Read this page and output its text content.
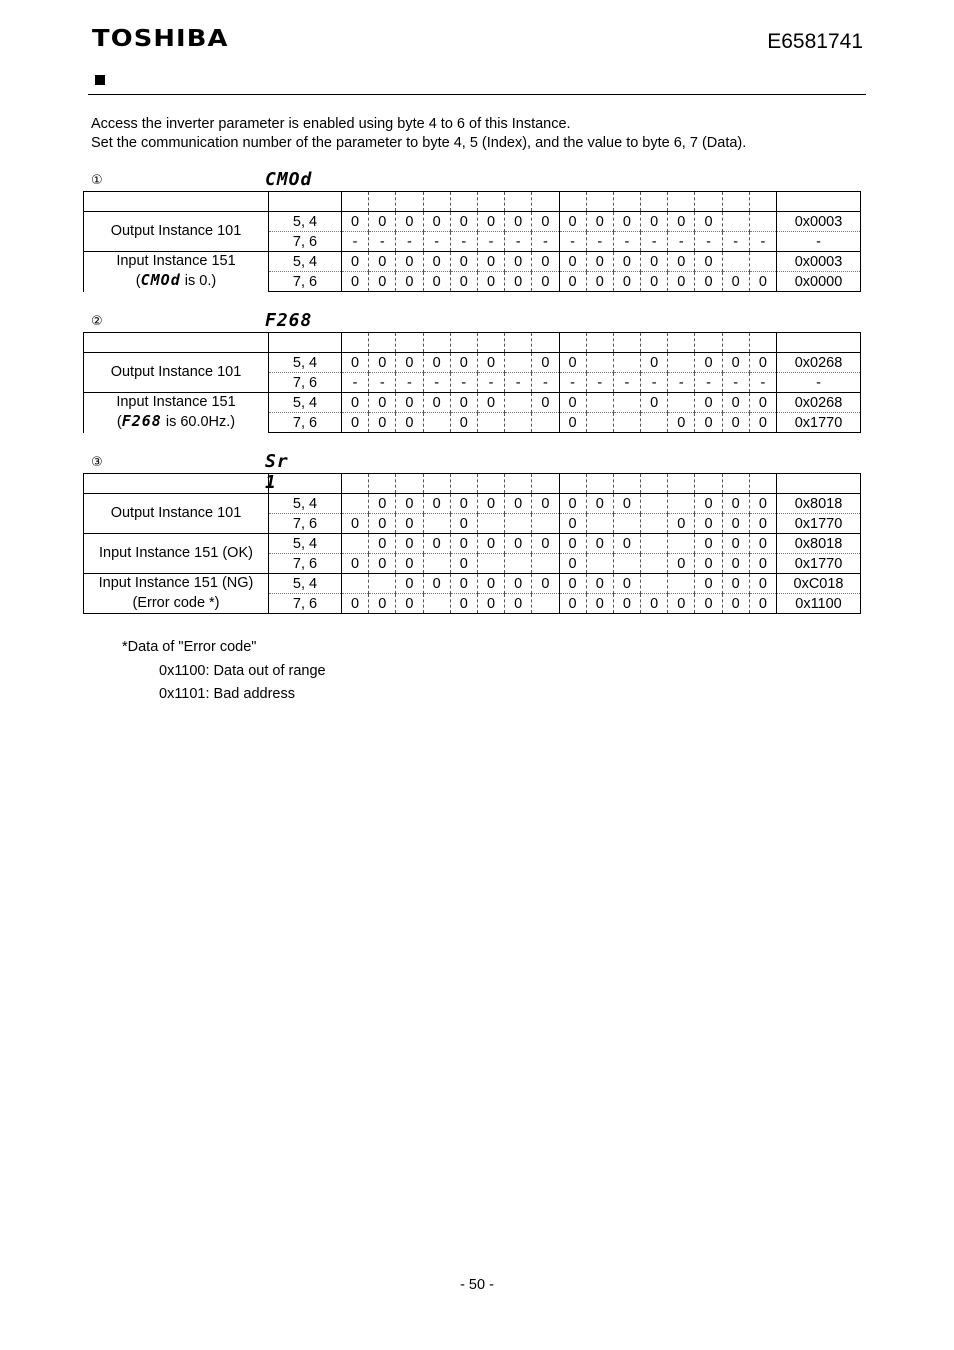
TOSHIBA	E6581741
Access the inverter parameter is enabled using byte 4 to 6 of this Instance.
Set the communication number of the parameter to byte 4, 5 (Index), and the value to byte 6, 7 (Data).
①	CMOd

Output Instance 101	5, 4	0	0	0	0	0	0	0	0	0	0	0	0	0	0			0x0003
	7, 6	-	-	-	-	-	-	-	-	-	-	-	-	-	-	-	-	-

Input Instance 151
(CMOd is 0.)	5, 4	0	0	0	0	0	0	0	0	0	0	0	0	0	0			0x0003
	7, 6	0	0	0	0	0	0	0	0	0	0	0	0	0	0	0	0	0x0000
②	F268

Output Instance 101	5, 4	0	0	0	0	0	0		0	0			0		0	0	0	0x0268
	7, 6	-	-	-	-	-	-	-	-	-	-	-	-	-	-	-	-	-

Input Instance 151
(F268 is 60.0Hz.)	5, 4	0	0	0	0	0	0		0	0			0		0	0	0	0x0268
	7, 6	0	0	0		0				0				0	0	0	0	0x1770
③	Sr 1

Output Instance 101	5, 4		0	0	0	0	0	0	0	0	0	0			0	0	0	0x8018
	7, 6	0	0	0		0				0				0	0	0	0	0x1770
Input Instance 151 (OK)	5, 4		0	0	0	0	0	0	0	0	0	0			0	0	0	0x8018
	7, 6	0	0	0		0				0				0	0	0	0	0x1770
Input Instance 151 (NG)	5, 4			0	0	0	0	0	0	0	0	0			0	0	0	0xC018
(Error code *)	7, 6	0	0	0		0	0	0		0	0	0	0	0	0	0	0	0x1100
*Data of "Error code"
0x1100: Data out of range
0x1101: Bad address
- 50 -
